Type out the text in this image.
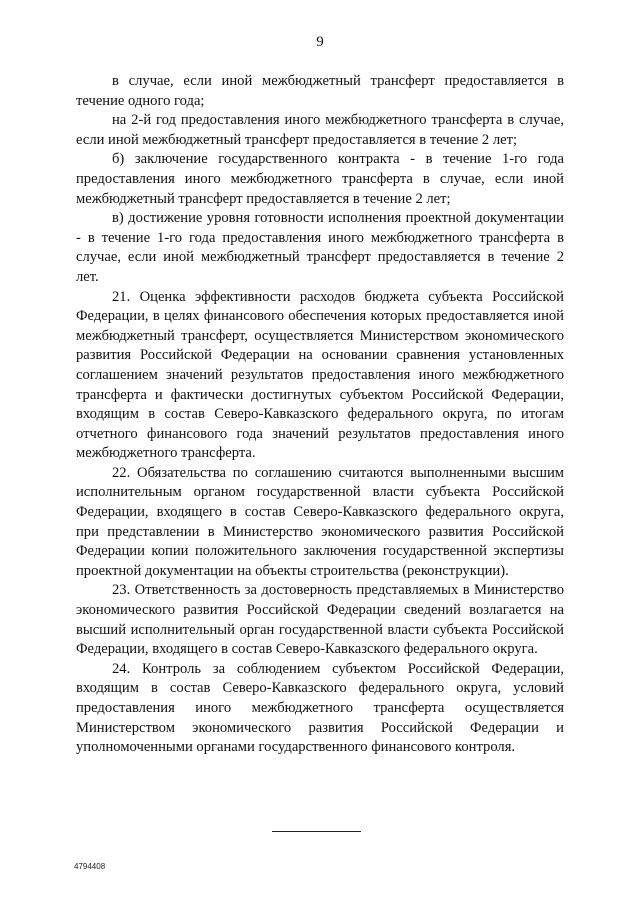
9

в случае, если иной межбюджетный трансферт предоставляется в течение одного года;

на 2-й год предоставления иного межбюджетного трансферта в случае, если иной межбюджетный трансферт предоставляется в течение 2 лет;

б) заключение государственного контракта - в течение 1-го года предоставления иного межбюджетного трансферта в случае, если иной межбюджетный трансферт предоставляется в течение 2 лет;

в) достижение уровня готовности исполнения проектной документации - в течение 1-го года предоставления иного межбюджетного трансферта в случае, если иной межбюджетный трансферт предоставляется в течение 2 лет.

21. Оценка эффективности расходов бюджета субъекта Российской Федерации, в целях финансового обеспечения которых предоставляется иной межбюджетный трансферт, осуществляется Министерством экономического развития Российской Федерации на основании сравнения установленных соглашением значений результатов предоставления иного межбюджетного трансферта и фактически достигнутых субъектом Российской Федерации, входящим в состав Северо-Кавказского федерального округа, по итогам отчетного финансового года значений результатов предоставления иного межбюджетного трансферта.

22. Обязательства по соглашению считаются выполненными высшим исполнительным органом государственной власти субъекта Российской Федерации, входящего в состав Северо-Кавказского федерального округа, при представлении в Министерство экономического развития Российской Федерации копии положительного заключения государственной экспертизы проектной документации на объекты строительства (реконструкции).

23. Ответственность за достоверность представляемых в Министерство экономического развития Российской Федерации сведений возлагается на высший исполнительный орган государственной власти субъекта Российской Федерации, входящего в состав Северо-Кавказского федерального округа.

24. Контроль за соблюдением субъектом Российской Федерации, входящим в состав Северо-Кавказского федерального округа, условий предоставления иного межбюджетного трансферта осуществляется Министерством экономического развития Российской Федерации и уполномоченными органами государственного финансового контроля.

4794408
